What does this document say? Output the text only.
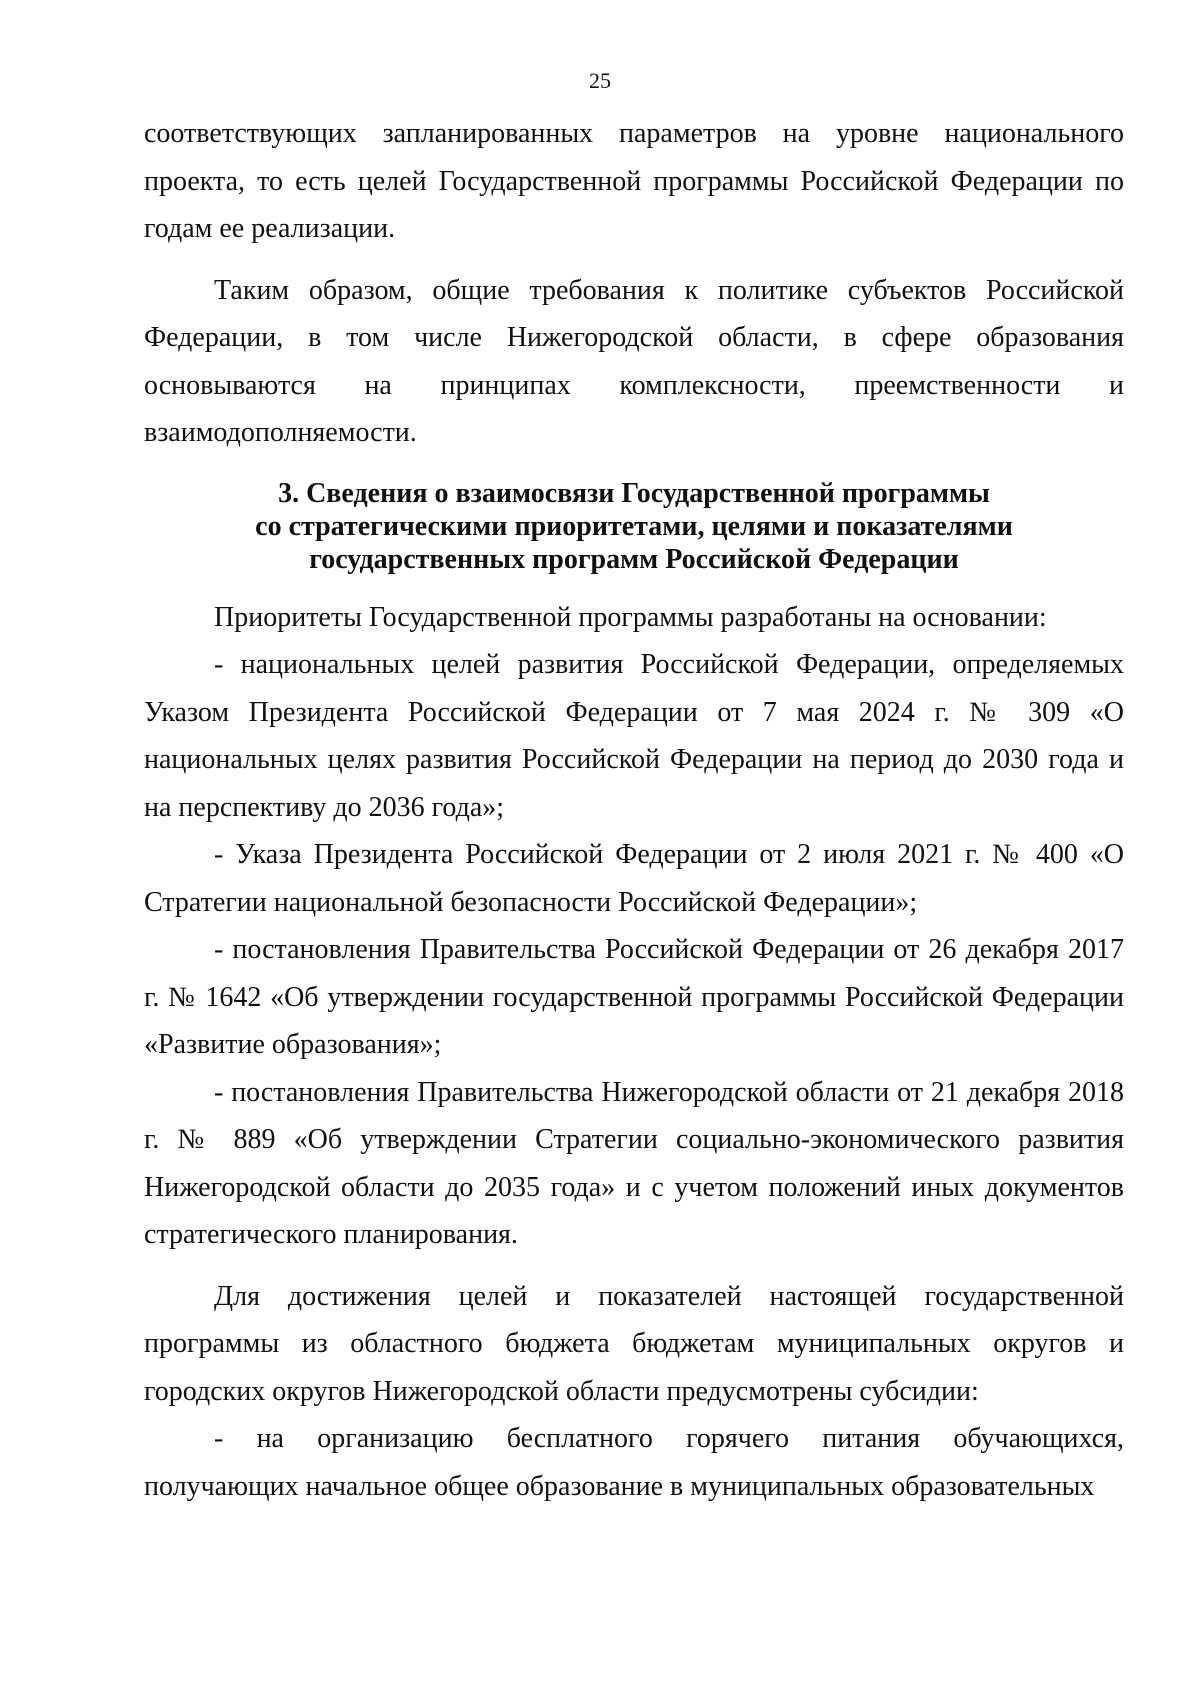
25

соответствующих запланированных параметров на уровне национального

проекта, то есть целей Государственной программы Российской Федерации по годам ее реализации.

Таким образом, общие требования к политике субъектов Российской

Федерации, в том числе Нижегородской области, в сфере образования

основываются на принципах комплексности, преемственности и

взаимодополняемости.

3. Сведения о взаимосвязи Государственной программы
со стратегическими приоритетами, целями и показателями
государственных программ Российской Федерации

Приоритеты Государственной программы разработаны на основании:

- национальных целей развития Российской Федерации, определяемых Указом Президента Российской Федерации от 7 мая 2024 г. № 309 «О национальных целях развития Российской Федерации на период до 2030 года и на перспективу до 2036 года»;

- Указа Президента Российской Федерации от 2 июля 2021 г. № 400 «О Стратегии национальной безопасности Российской Федерации»;

- постановления Правительства Российской Федерации от 26 декабря 2017 г. № 1642 «Об утверждении государственной программы Российской Федерации «Развитие образования»;

- постановления Правительства Нижегородской области от 21 декабря 2018 г. № 889 «Об утверждении Стратегии социально-экономического развития Нижегородской области до 2035 года» и с учетом положений иных документов стратегического планирования.

Для достижения целей и показателей настоящей государственной программы из областного бюджета бюджетам муниципальных округов и городских округов Нижегородской области предусмотрены субсидии:

- на организацию бесплатного горячего питания обучающихся, получающих начальное общее образование в муниципальных образовательных
